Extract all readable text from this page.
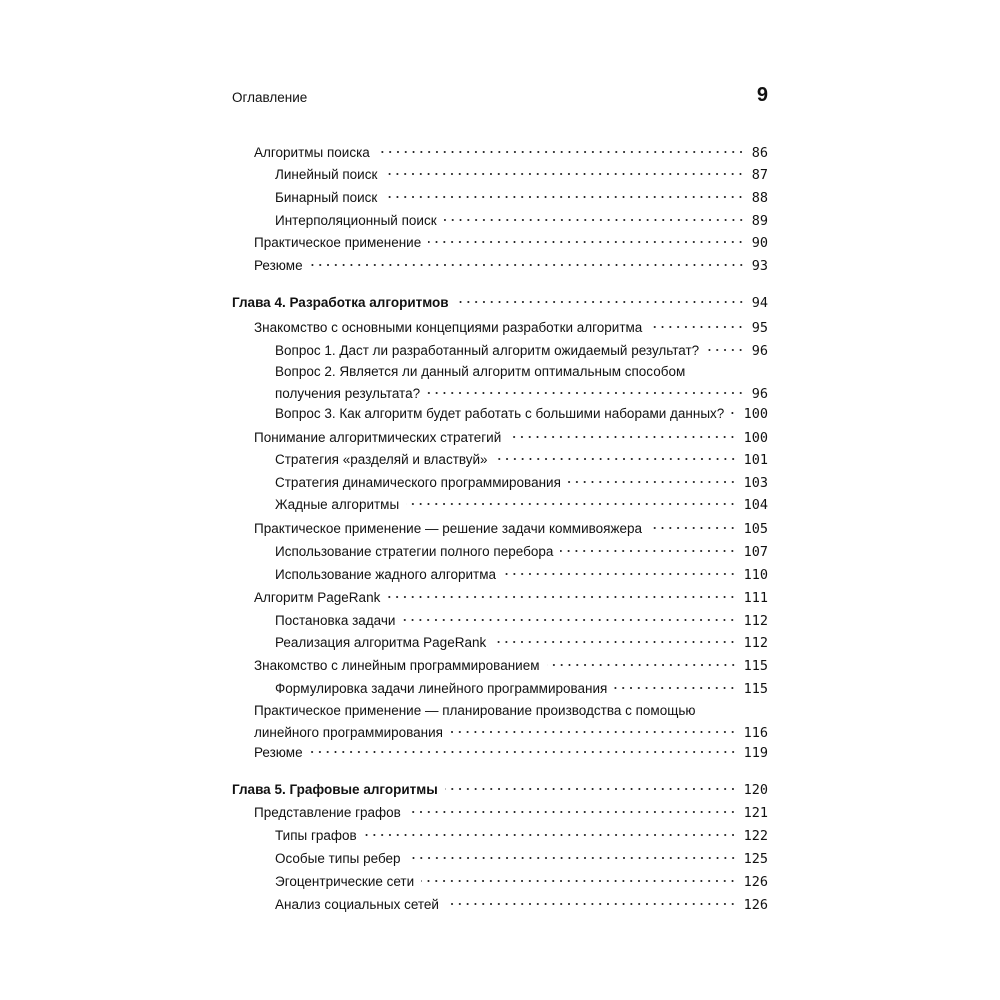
Оглавление	9
Алгоритмы поиска	86
Линейный поиск	87
Бинарный поиск	88
Интерполяционный поиск	89
Практическое применение	90
Резюме	93
Глава 4. Разработка алгоритмов	94
Знакомство с основными концепциями разработки алгоритма	95
Вопрос 1. Даст ли разработанный алгоритм ожидаемый результат?	96
Вопрос 2. Является ли данный алгоритм оптимальным способом
получения результата?	96
Вопрос 3. Как алгоритм будет работать с большими наборами данных? 100
Понимание алгоритмических стратегий	100
Стратегия «разделяй и властвуй»	101
Стратегия динамического программирования	103
Жадные алгоритмы	104
Практическое применение — решение задачи коммивояжера	105
Использование стратегии полного перебора	107
Использование жадного алгоритма	110
Алгоритм PageRank	111
Постановка задачи	112
Реализация алгоритма PageRank	112
Знакомство с линейным программированием	115
Формулировка задачи линейного программирования	115
Практическое применение — планирование производства с помощью
линейного программирования	116
Резюме	119
Глава 5. Графовые алгоритмы	120
Представление графов	121
Типы графов	122
Особые типы ребер	125
Эгоцентрические сети	126
Анализ социальных сетей	126
